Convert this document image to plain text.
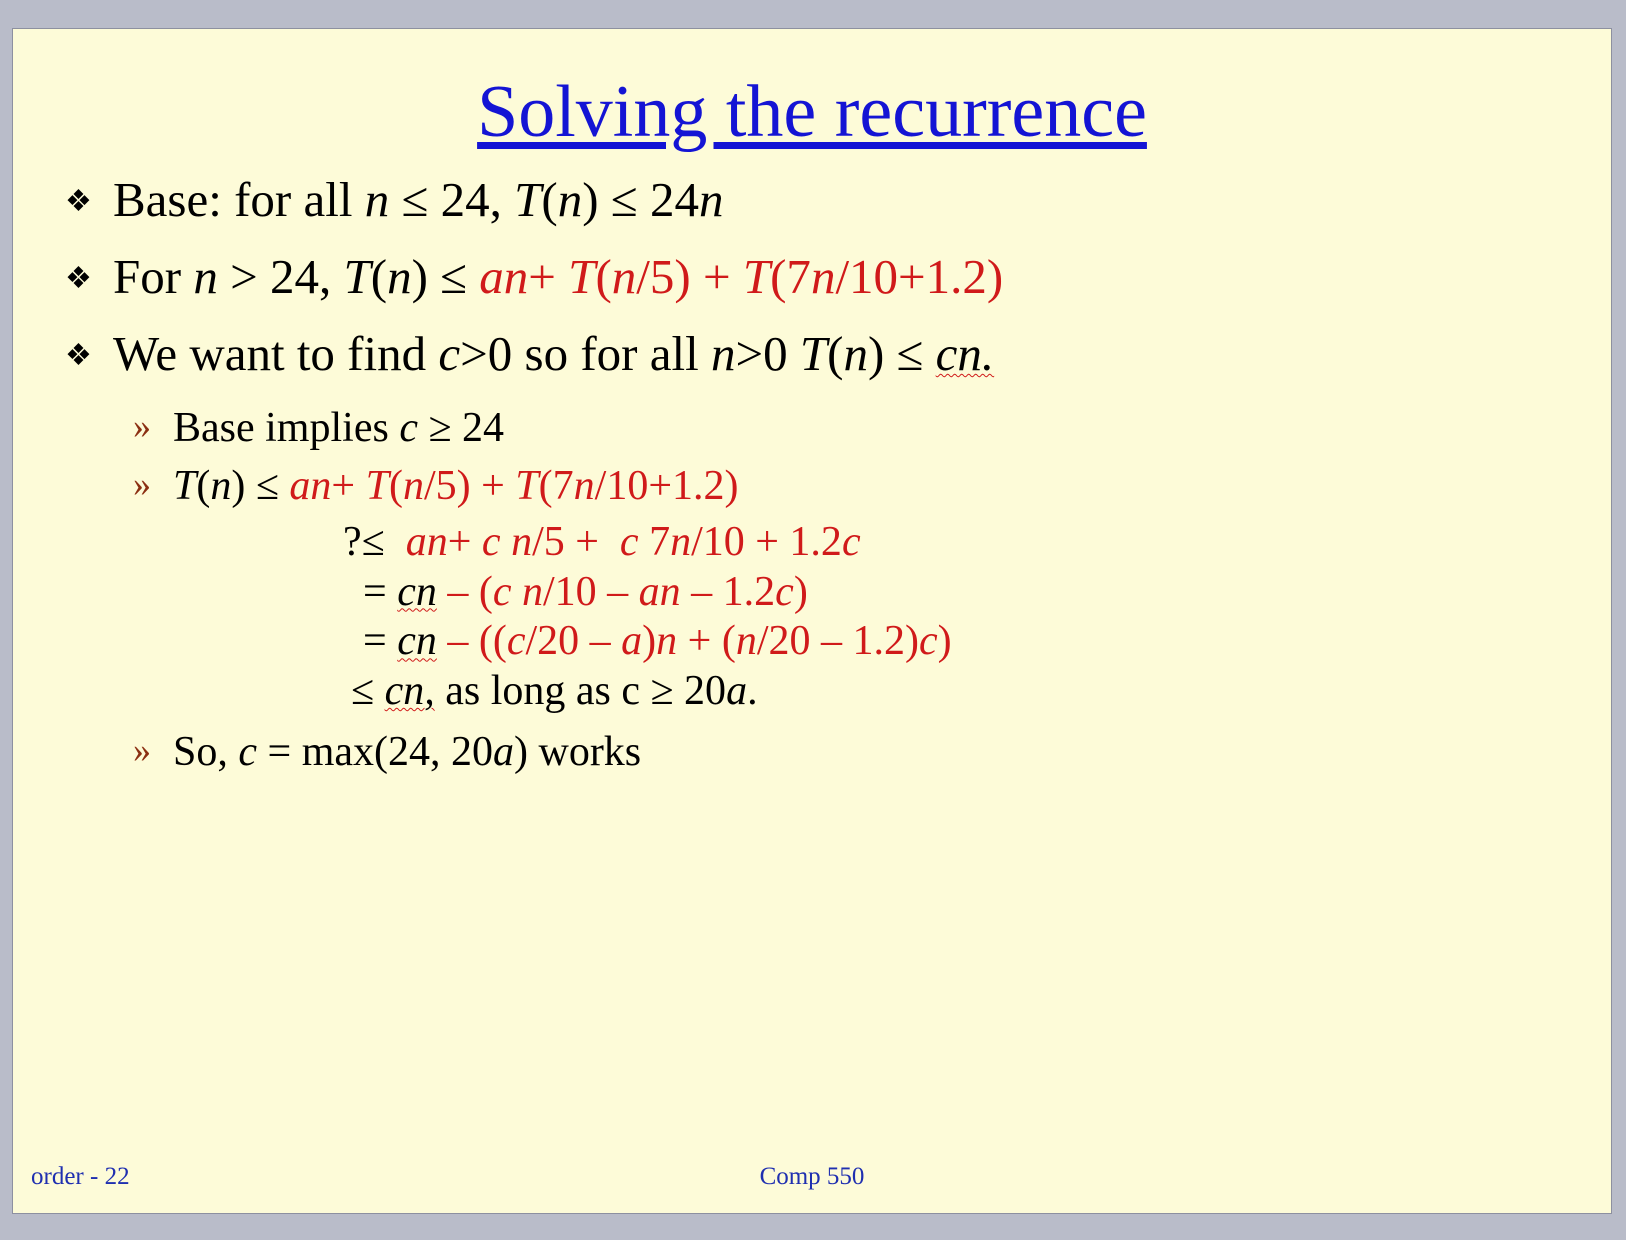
Solving the recurrence
❖ Base: for all n ≤ 24, T(n) ≤ 24n
❖ For n > 24, T(n) ≤ an+ T(n/5) + T(7n/10+1.2)
❖ We want to find c>0 so for all n>0 T(n) ≤ cn.
» Base implies c ≥ 24
» T(n) ≤ an+ T(n/5) + T(7n/10+1.2)
?≤ an+ c n/5 +  c 7n/10 + 1.2c
= cn – (c n/10 – an – 1.2c)
= cn – ((c/20 – a)n + (n/20 – 1.2)c)
≤ cn, as long as c ≥ 20a.
» So, c = max(24, 20a) works
order - 22	Comp 550
